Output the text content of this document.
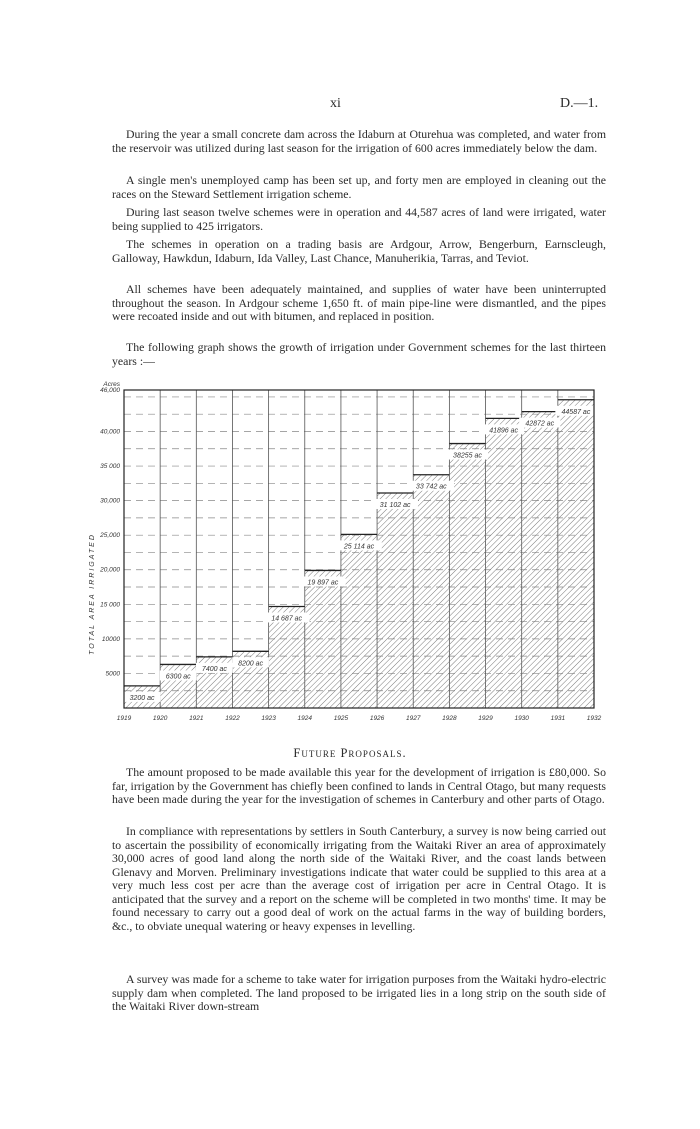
xi	D.—1.

During the year a small concrete dam across the Idaburn at Oturehua was completed, and water from the reservoir was utilized during last season for the irrigation of 600 acres immediately below the dam.

A single men's unemployed camp has been set up, and forty men are employed in cleaning out the races on the Steward Settlement irrigation scheme.

During last season twelve schemes were in operation and 44,587 acres of land were irrigated, water being supplied to 425 irrigators.

The schemes in operation on a trading basis are Ardgour, Arrow, Bengerburn, Earnscleugh, Galloway, Hawkdun, Idaburn, Ida Valley, Last Chance, Manuherikia, Tarras, and Teviot.

All schemes have been adequately maintained, and supplies of water have been uninterrupted throughout the season. In Ardgour scheme 1,650 ft. of main pipe-line were dismantled, and the pipes were recoated inside and out with bitumen, and replaced in position.

The following graph shows the growth of irrigation under Government schemes for the last thirteen years :—

3200 ac
6300 ac
7400 ac
8200 ac
14 687 ac
19 897 ac
25 114 ac
31 102 ac
33 742 ac
38255 ac
41896 ac
42872 ac
44587 ac
5000
10000
15 000
20,000
25,000
30,000
35 000
40,000
46,000
Acres
1919	1920	1921	1922	1923	1924	1925	1926	1927	1928	1929	1930	1931	1932
TOTAL AREA IRRIGATED
Future Proposals.

The amount proposed to be made available this year for the development of irrigation is £80,000. So far, irrigation by the Government has chiefly been confined to lands in Central Otago, but many requests have been made during the year for the investigation of schemes in Canterbury and other parts of Otago.

In compliance with representations by settlers in South Canterbury, a survey is now being carried out to ascertain the possibility of economically irrigating from the Waitaki River an area of approximately 30,000 acres of good land along the north side of the Waitaki River, and the coast lands between Glenavy and Morven. Preliminary investigations indicate that water could be supplied to this area at a very much less cost per acre than the average cost of irrigation per acre in Central Otago. It is anticipated that the survey and a report on the scheme will be completed in two months' time. It may be found necessary to carry out a good deal of work on the actual farms in the way of building borders, &c., to obviate unequal watering or heavy expenses in levelling.

A survey was made for a scheme to take water for irrigation purposes from the Waitaki hydro-electric supply dam when completed. The land proposed to be irrigated lies in a long strip on the south side of the Waitaki River down-stream
